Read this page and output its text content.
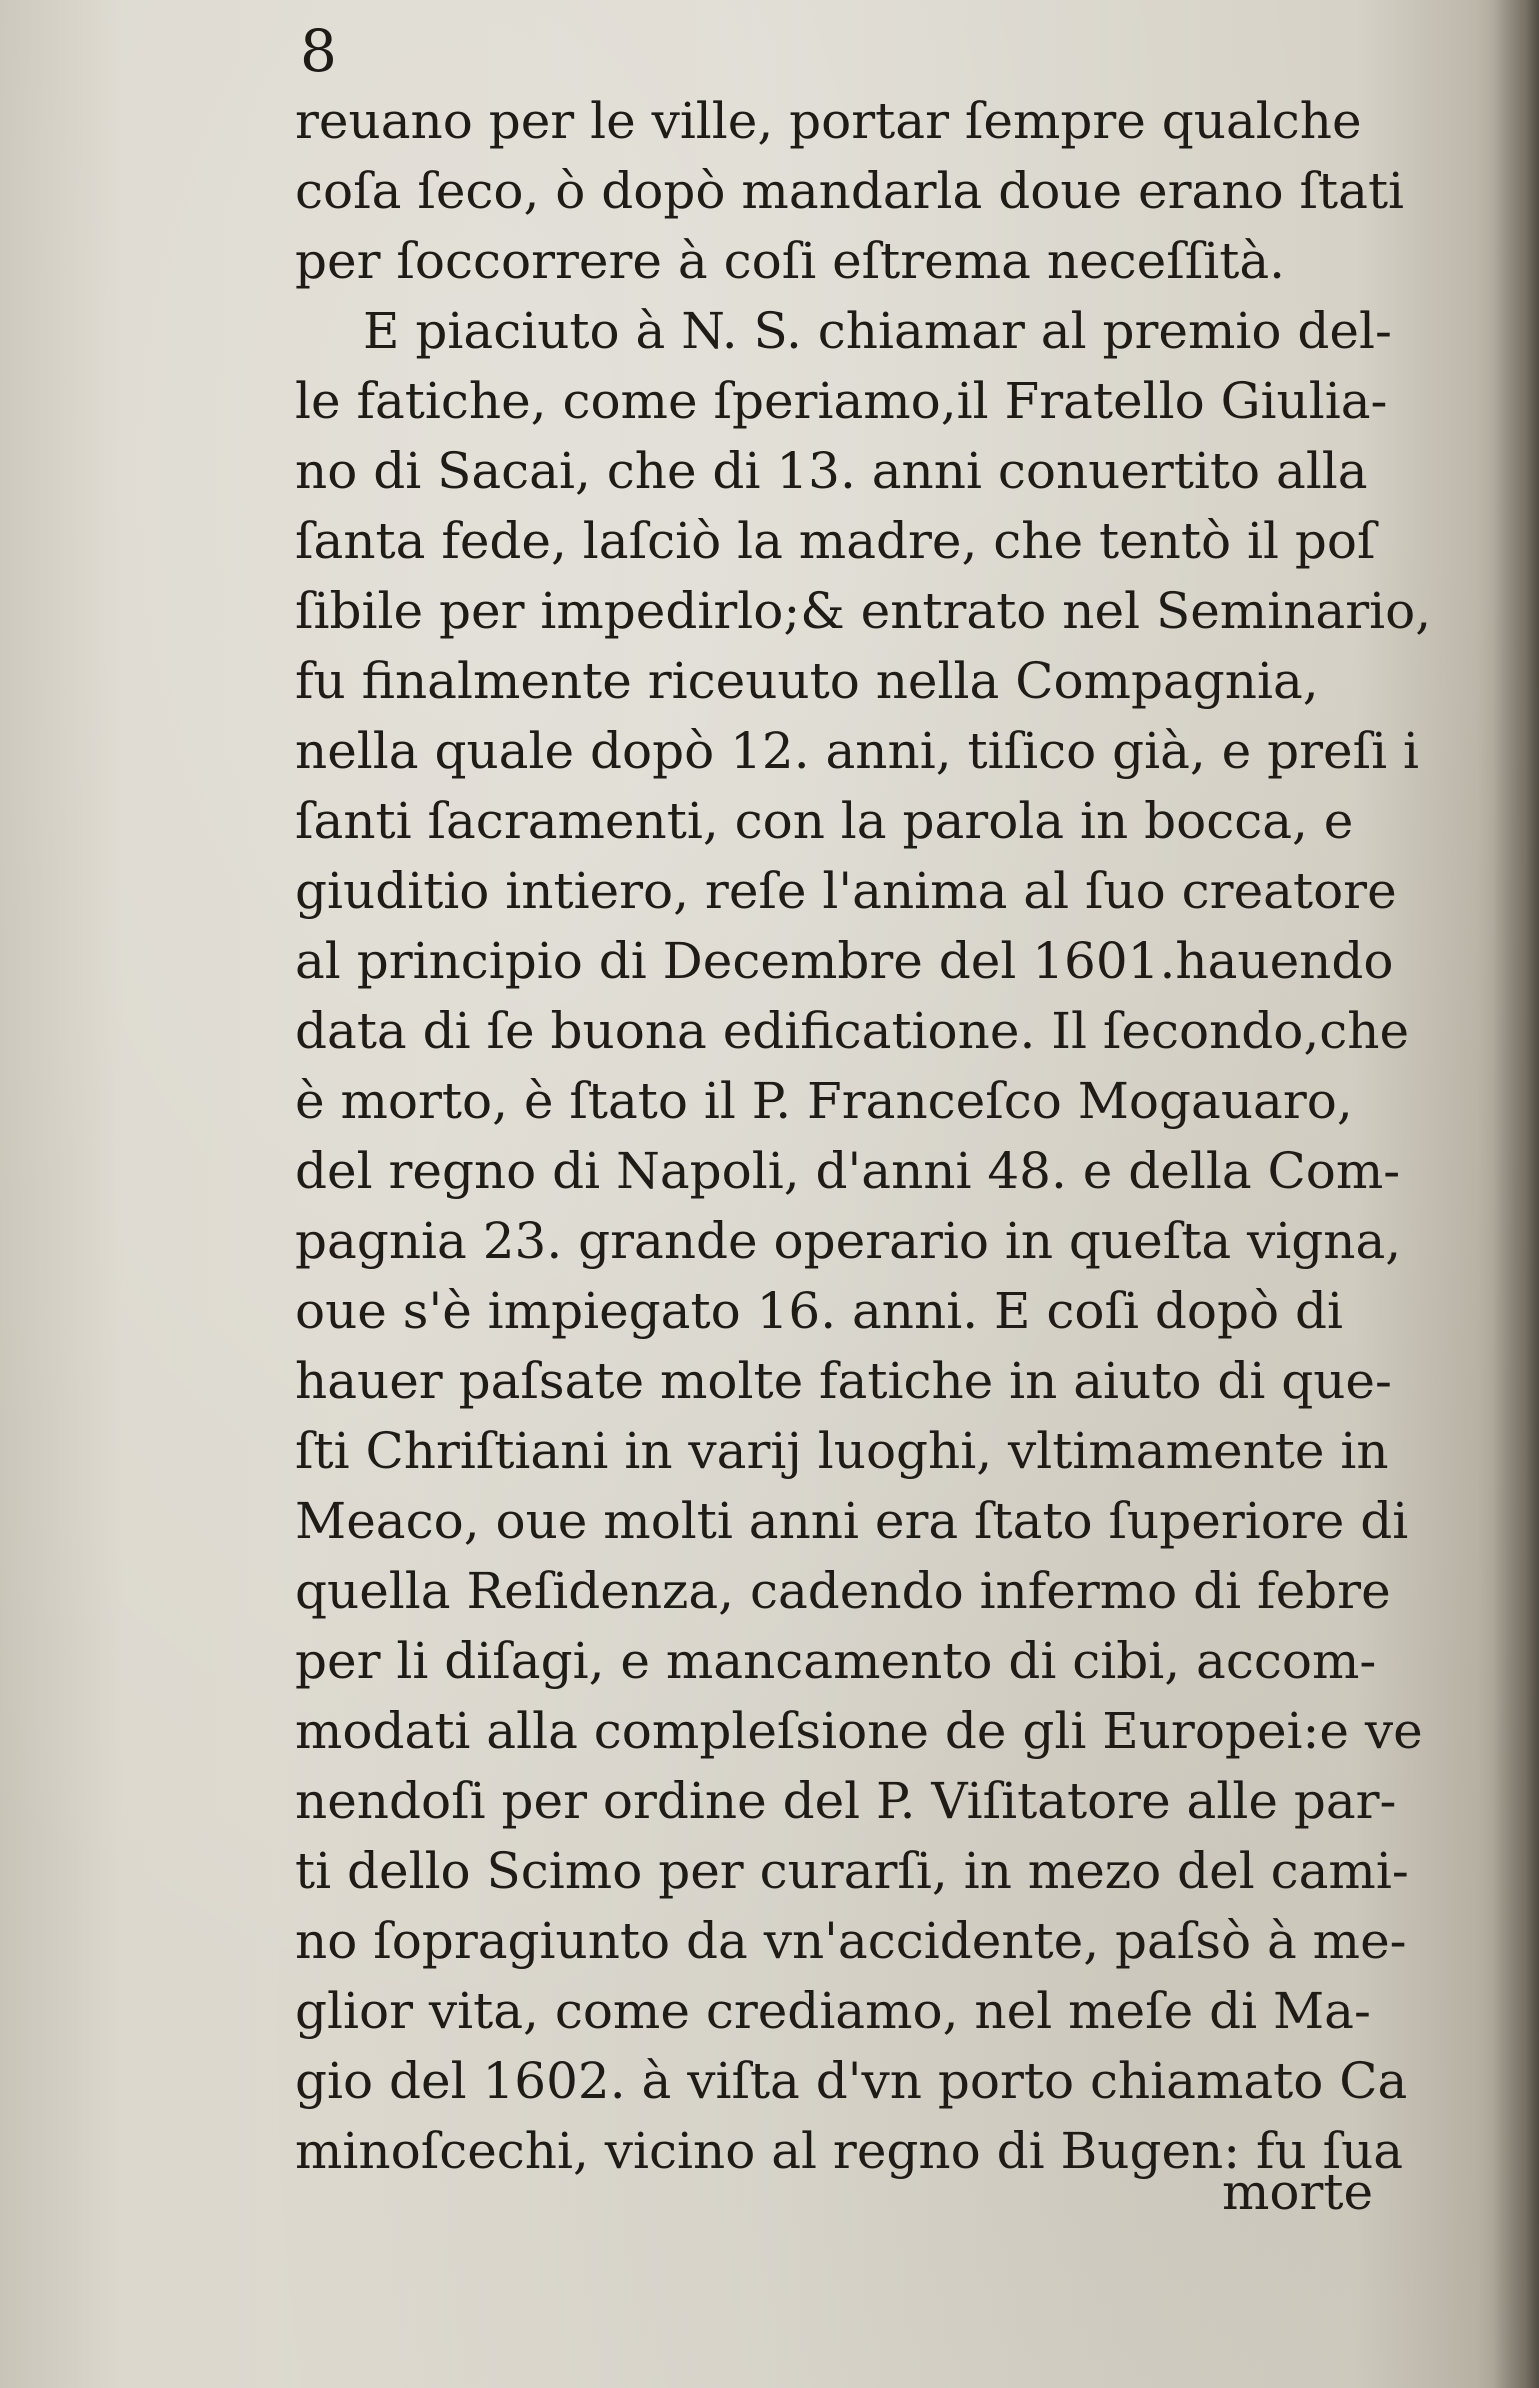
8
reuano per le ville, portar ſempre qualche
coſa ſeco, ò dopò mandarla doue erano ſtati
per ſoccorrere à coſi eſtrema neceſſità.
E piaciuto à N. S. chiamar al premio del-
le fatiche, come ſperiamo,il Fratello Giulia-
no di Sacai, che di 13. anni conuertito alla
ſanta fede, laſciò la madre, che tentò il poſ
ſibile per impedirlo;& entrato nel Seminario,
fu finalmente riceuuto nella Compagnia,
nella quale dopò 12. anni, tiſico già, e preſi i
ſanti ſacramenti, con la parola in bocca, e
giuditio intiero, reſe l'anima al ſuo creatore
al principio di Decembre del 1601.hauendo
data di ſe buona edificatione. Il ſecondo,che
è morto, è ſtato il P. Franceſco Mogauaro,
del regno di Napoli, d'anni 48. e della Com-
pagnia 23. grande operario in queſta vigna,
oue s'è impiegato 16. anni. E coſi dopò di
hauer paſsate molte fatiche in aiuto di que-
ſti Chriſtiani in varij luoghi, vltimamente in
Meaco, oue molti anni era ſtato ſuperiore di
quella Reſidenza, cadendo infermo di febre
per li diſagi, e mancamento di cibi, accom-
modati alla compleſsione de gli Europei:e ve
nendoſi per ordine del P. Viſitatore alle par-
ti dello Scimo per curarſi, in mezo del cami-
no ſopragiunto da vn'accidente, paſsò à me-
glior vita, come crediamo, nel meſe di Ma-
gio del 1602. à viſta d'vn porto chiamato Ca
minoſcechi, vicino al regno di Bugen: fu ſua
morte
